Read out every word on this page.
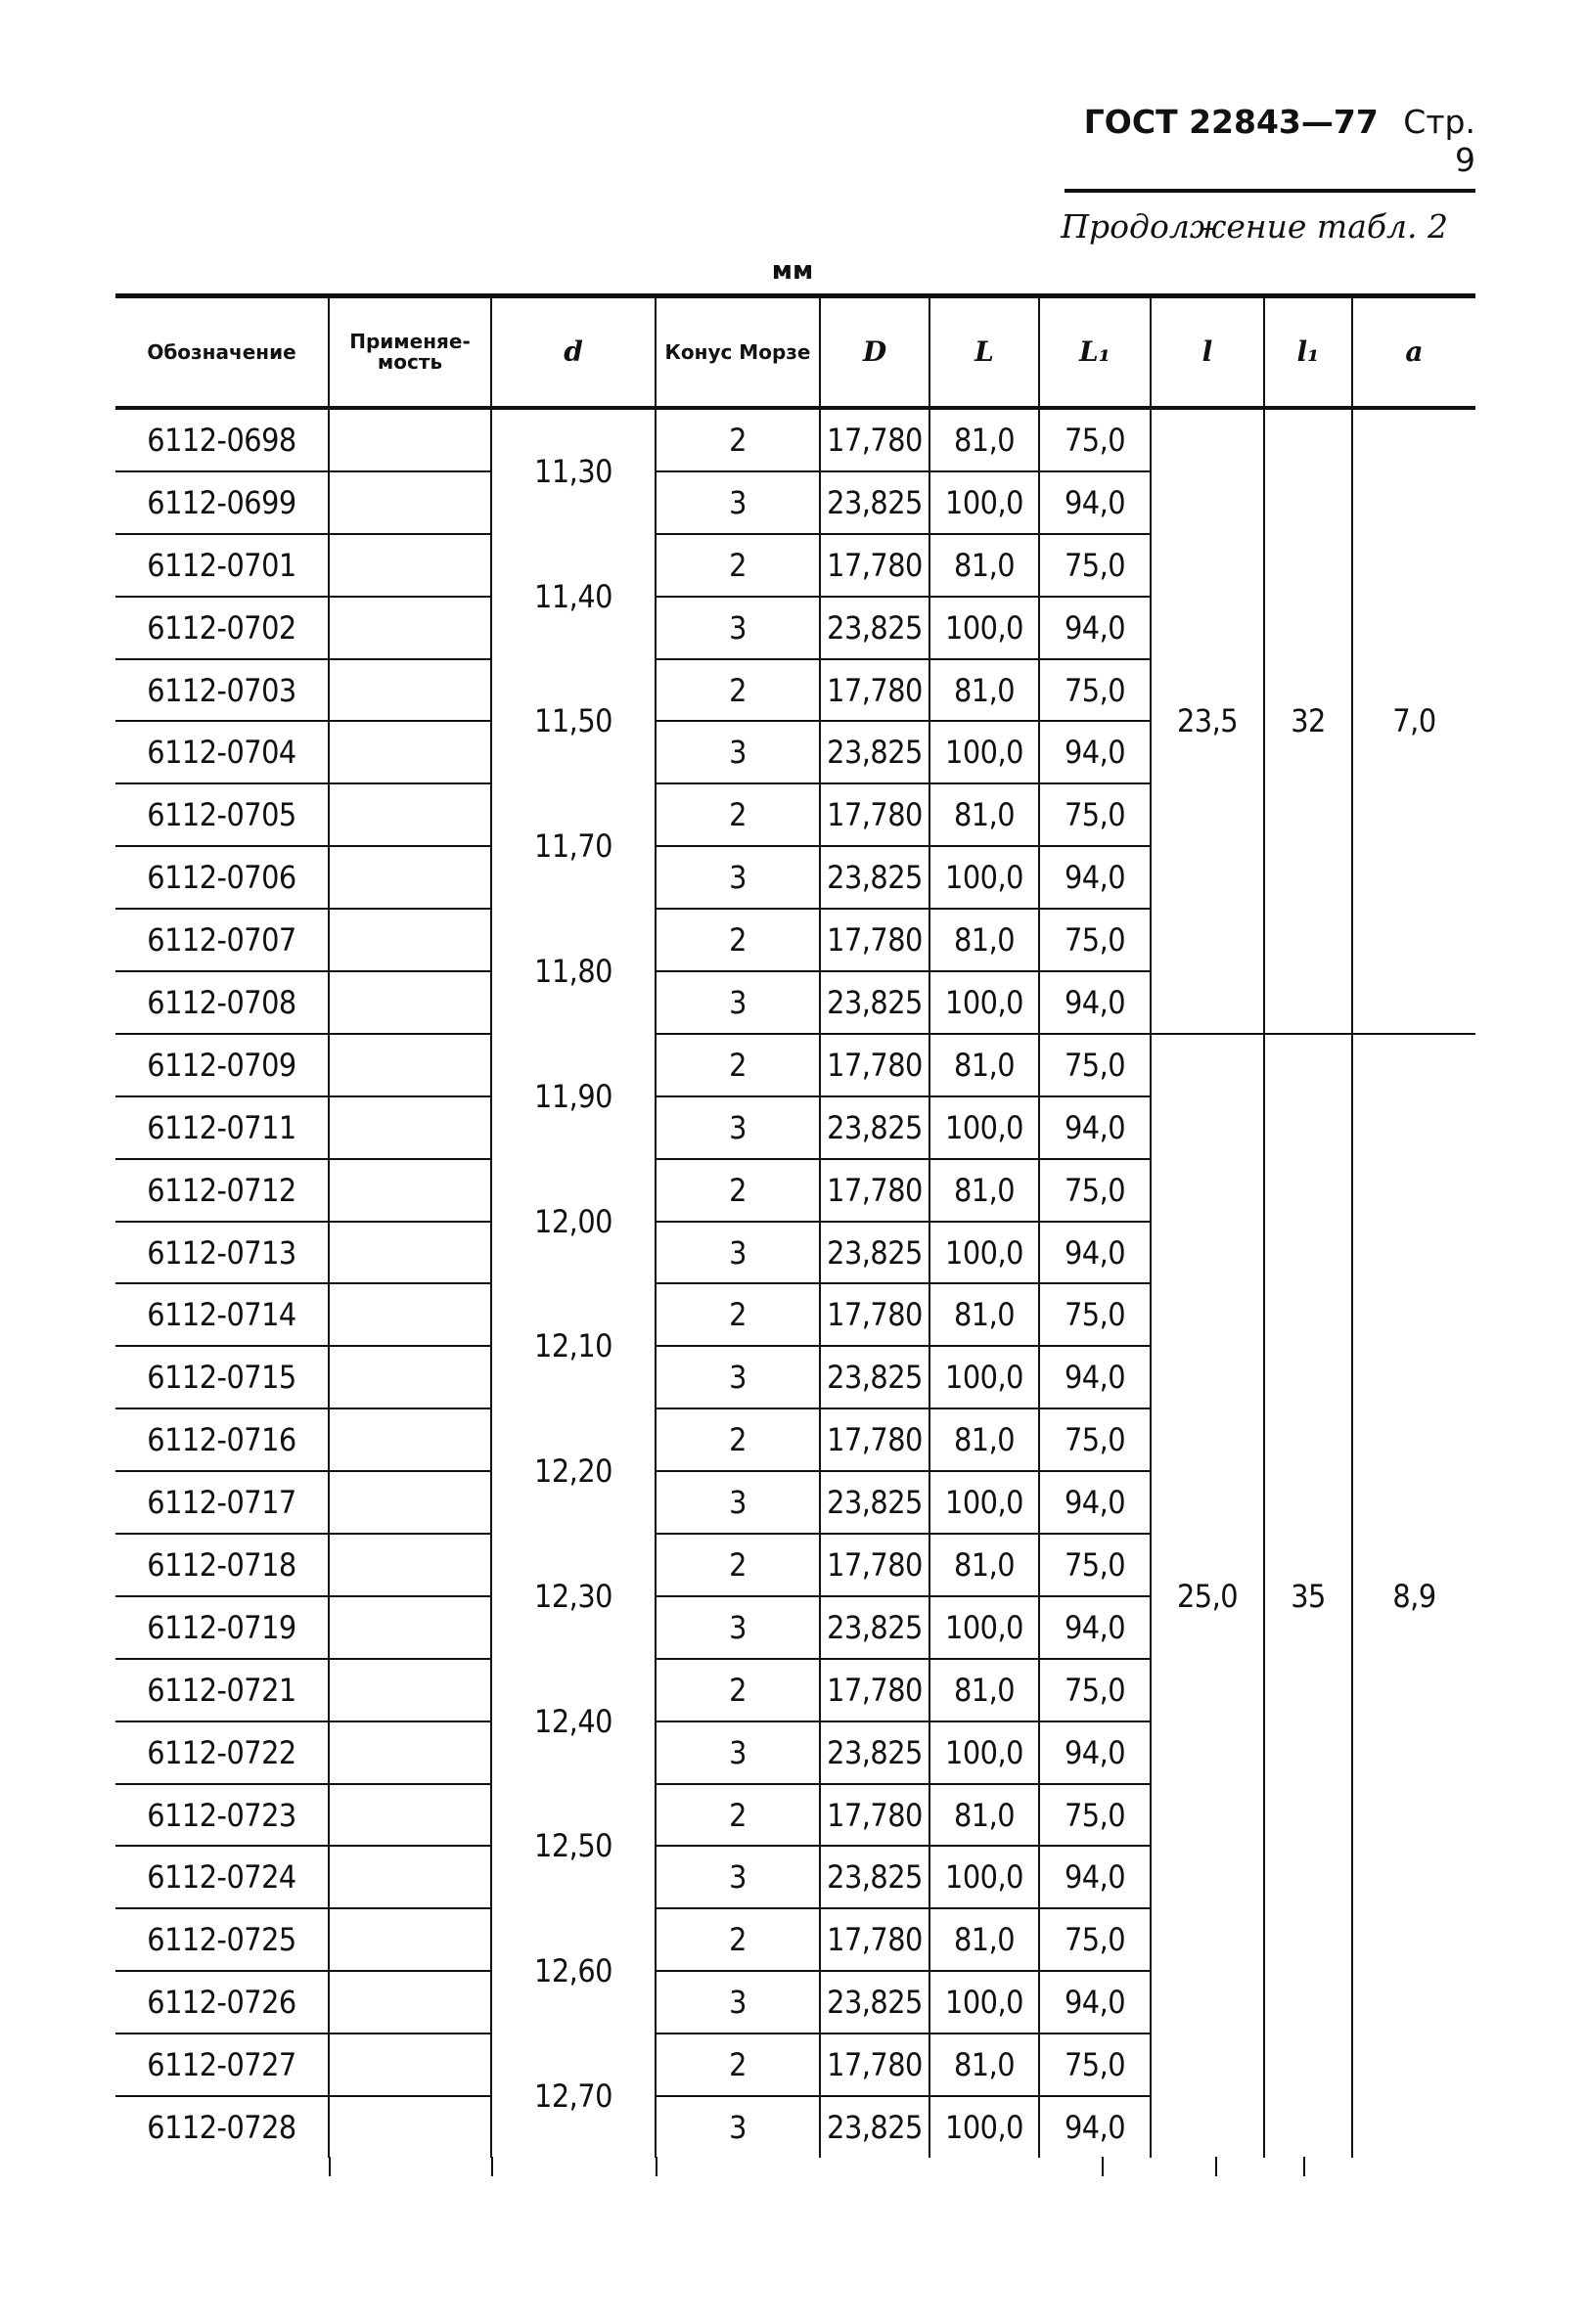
ГОСТ 22843—77 Стр. 9
Продолжение табл. 2
мм
Обозначение	Применяе-мость	d	Конус Морзе	D	L	L₁	l	l₁	a
6112-0698		11,30	2	17,780	81,0	75,0	23,5	32	7,0
6112-0699			3	23,825	100,0	94,0			
6112-0701		11,40	2	17,780	81,0	75,0			
6112-0702			3	23,825	100,0	94,0			
6112-0703		11,50	2	17,780	81,0	75,0			
6112-0704			3	23,825	100,0	94,0			
6112-0705		11,70	2	17,780	81,0	75,0			
6112-0706			3	23,825	100,0	94,0			
6112-0707		11,80	2	17,780	81,0	75,0			
6112-0708			3	23,825	100,0	94,0			
6112-0709		11,90	2	17,780	81,0	75,0	25,0	35	8,9
6112-0711			3	23,825	100,0	94,0			
6112-0712		12,00	2	17,780	81,0	75,0			
6112-0713			3	23,825	100,0	94,0			
6112-0714		12,10	2	17,780	81,0	75,0			
6112-0715			3	23,825	100,0	94,0			
6112-0716		12,20	2	17,780	81,0	75,0			
6112-0717			3	23,825	100,0	94,0			
6112-0718		12,30	2	17,780	81,0	75,0			
6112-0719			3	23,825	100,0	94,0			
6112-0721		12,40	2	17,780	81,0	75,0			
6112-0722			3	23,825	100,0	94,0			
6112-0723		12,50	2	17,780	81,0	75,0			
6112-0724			3	23,825	100,0	94,0			
6112-0725		12,60	2	17,780	81,0	75,0			
6112-0726			3	23,825	100,0	94,0			
6112-0727		12,70	2	17,780	81,0	75,0			
6112-0728			3	23,825	100,0	94,0			
